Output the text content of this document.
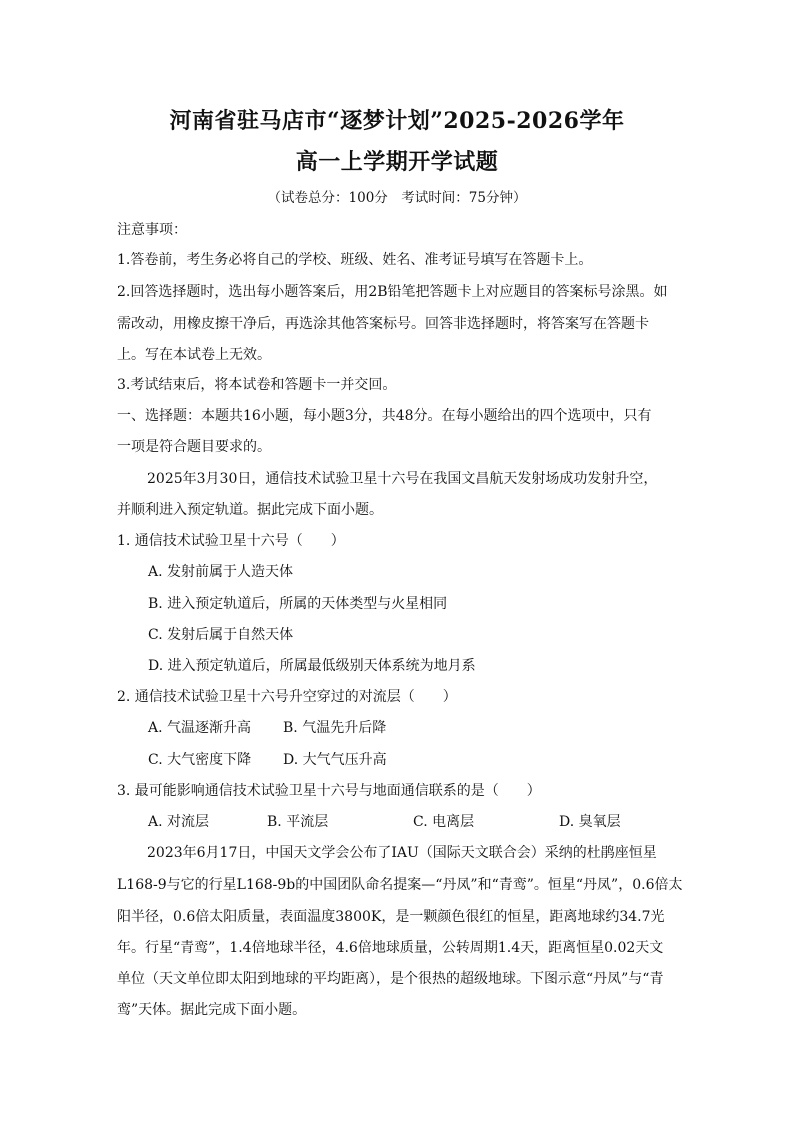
河南省驻马店市“逐梦计划”2025-2026学年
高一上学期开学试题
（试卷总分：100分　考试时间：75分钟）
注意事项：
1.答卷前，考生务必将自己的学校、班级、姓名、准考证号填写在答题卡上。
2.回答选择题时，选出每小题答案后，用2B铅笔把答题卡上对应题目的答案标号涂黑。如
需改动，用橡皮擦干净后，再选涂其他答案标号。回答非选择题时，将答案写在答题卡
上。写在本试卷上无效。
3.考试结束后，将本试卷和答题卡一并交回。
一、选择题：本题共16小题，每小题3分，共48分。在每小题给出的四个选项中，只有
一项是符合题目要求的。
2025年3月30日，通信技术试验卫星十六号在我国文昌航天发射场成功发射升空，
并顺利进入预定轨道。据此完成下面小题。
1. 通信技术试验卫星十六号（　　）
A. 发射前属于人造天体
B. 进入预定轨道后，所属的天体类型与火星相同
C. 发射后属于自然天体
D. 进入预定轨道后，所属最低级别天体系统为地月系
2. 通信技术试验卫星十六号升空穿过的对流层（　　）
A. 气温逐渐升高 B. 气温先升后降
C. 大气密度下降 D. 大气气压升高
3. 最可能影响通信技术试验卫星十六号与地面通信联系的是（　　）
A. 对流层	B. 平流层	C. 电离层	D. 臭氧层
2023年6月17日，中国天文学会公布了IAU（国际天文联合会）采纳的杜鹃座恒星
L168-9与它的行星L168-9b的中国团队命名提案—“丹凤”和“青鸾”。恒星“丹凤”，0.6倍太
阳半径，0.6倍太阳质量，表面温度3800K，是一颗颜色很红的恒星，距离地球约34.7光
年。行星“青鸾”，1.4倍地球半径，4.6倍地球质量，公转周期1.4天，距离恒星0.02天文
单位（天文单位即太阳到地球的平均距离），是个很热的超级地球。下图示意“丹凤”与“青
鸾”天体。据此完成下面小题。
